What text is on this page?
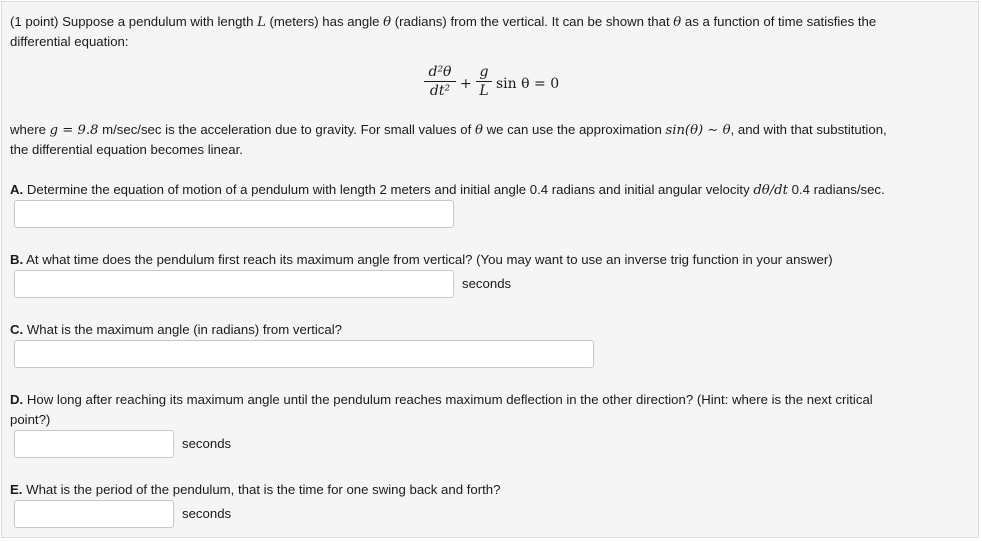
(1 point) Suppose a pendulum with length L (meters) has angle θ (radians) from the vertical. It can be shown that θ as a function of time satisfies the
differential equation:
d²θ
dt² +
g
L sin θ = 0
where g = 9.8 m/sec/sec is the acceleration due to gravity. For small values of θ we can use the approximation sin(θ) ∼ θ, and with that substitution,
the differential equation becomes linear.
A. Determine the equation of motion of a pendulum with length 2 meters and initial angle 0.4 radians and initial angular velocity dθ/dt 0.4 radians/sec.
B. At what time does the pendulum first reach its maximum angle from vertical? (You may want to use an inverse trig function in your answer)
seconds
C. What is the maximum angle (in radians) from vertical?
D. How long after reaching its maximum angle until the pendulum reaches maximum deflection in the other direction? (Hint: where is the next critical
point?)
seconds
E. What is the period of the pendulum, that is the time for one swing back and forth?
seconds
